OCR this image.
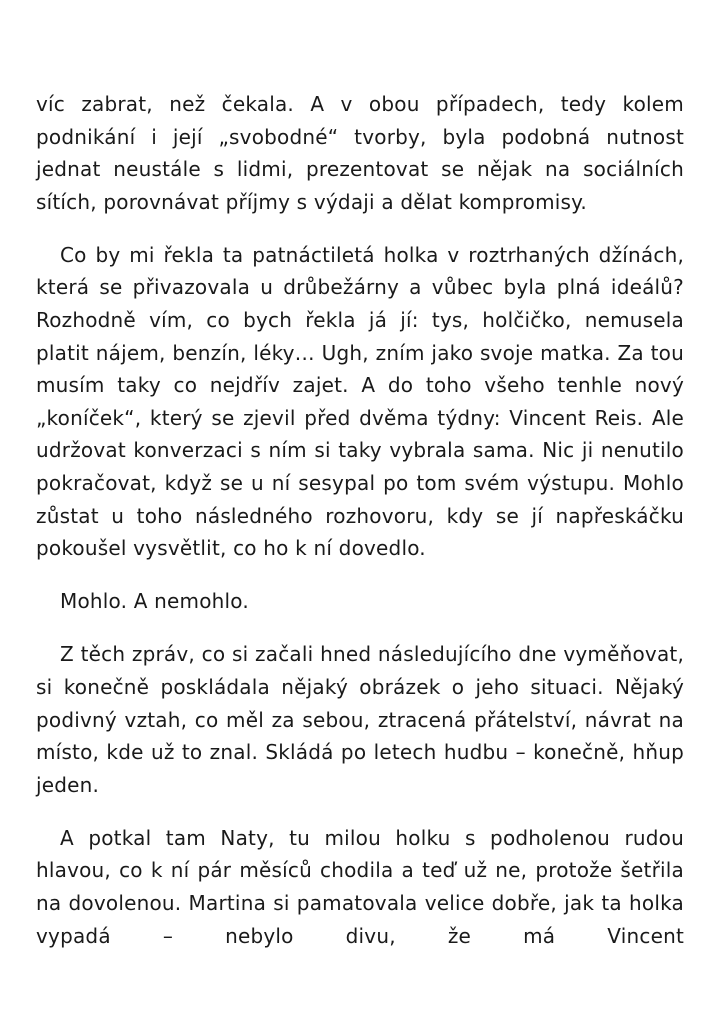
víc zabrat, než čekala. A v obou případech, tedy kolem podnikání i její „svobodné“ tvorby, byla podobná nutnost jednat neustále s lidmi, prezentovat se nějak na sociálních sítích, porovnávat příjmy s výdaji a dělat kompromisy.

Co by mi řekla ta patnáctiletá holka v roztrhaných džínách, která se přivazovala u drůbežárny a vůbec byla plná ideálů? Rozhodně vím, co bych řekla já jí: tys, holčičko, nemusela platit nájem, benzín, léky… Ugh, zním jako svoje matka. Za tou musím taky co nejdřív zajet. A do toho všeho tenhle nový „koníček“, který se zjevil před dvěma týdny: Vincent Reis. Ale udržovat konverzaci s ním si taky vybrala sama. Nic ji nenutilo pokračovat, když se u ní sesypal po tom svém výstupu. Mohlo zůstat u toho následného rozhovoru, kdy se jí napřeskáčku pokoušel vysvětlit, co ho k ní dovedlo.

Mohlo. A nemohlo.

Z těch zpráv, co si začali hned následujícího dne vyměňovat, si konečně poskládala nějaký obrázek o jeho situaci. Nějaký podivný vztah, co měl za sebou, ztracená přátelství, návrat na místo, kde už to znal. Skládá po letech hudbu – konečně, hňup jeden.

A potkal tam Naty, tu milou holku s podholenou rudou hlavou, co k ní pár měsíců chodila a teď už ne, protože šetřila na dovolenou. Martina si pamatovala velice dobře, jak ta holka vypadá – nebylo divu, že má Vincent
